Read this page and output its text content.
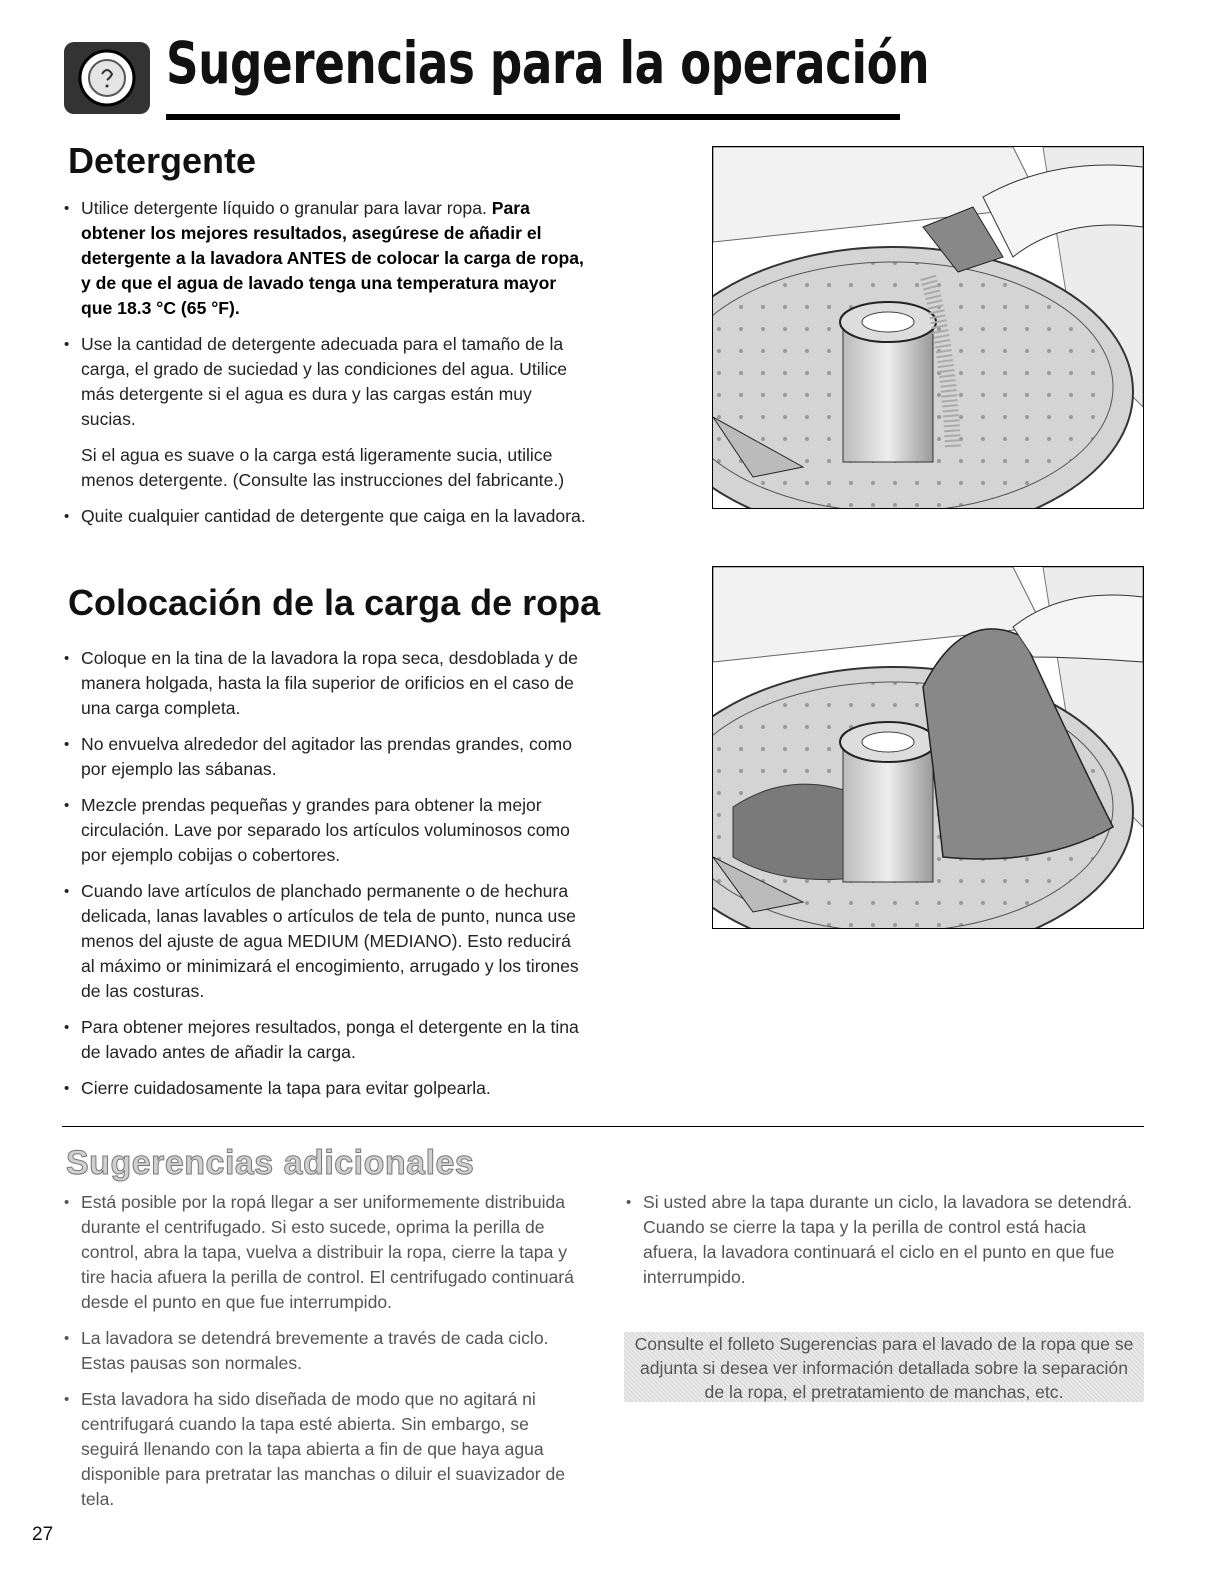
Sugerencias para la operación
Detergente
• Utilice detergente líquido o granular para lavar ropa. Para obtener los mejores resultados, asegúrese de añadir el detergente a la lavadora ANTES de colocar la carga de ropa, y de que el agua de lavado tenga una temperatura mayor que 18.3 °C (65 °F).
• Use la cantidad de detergente adecuada para el tamaño de la carga, el grado de suciedad y las condiciones del agua. Utilice más detergente si el agua es dura y las cargas están muy sucias.

Si el agua es suave o la carga está ligeramente sucia, utilice menos detergente. (Consulte las instrucciones del fabricante.)

• Quite cualquier cantidad de detergente que caiga en la lavadora.
Colocación de la carga de ropa
• Coloque en la tina de la lavadora la ropa seca, desdoblada y de manera holgada, hasta la fila superior de orificios en el caso de una carga completa.
• No envuelva alrededor del agitador las prendas grandes, como por ejemplo las sábanas.
• Mezcle prendas pequeñas y grandes para obtener la mejor circulación. Lave por separado los artículos voluminosos como por ejemplo cobijas o cobertores.
• Cuando lave artículos de planchado permanente o de hechura delicada, lanas lavables o artículos de tela de punto, nunca use menos del ajuste de agua MEDIUM (MEDIANO). Esto reducirá al máximo or minimizará el encogimiento, arrugado y los tirones de las costuras.
• Para obtener mejores resultados, ponga el detergente en la tina de lavado antes de añadir la carga.
• Cierre cuidadosamente la tapa para evitar golpearla.
Sugerencias adicionales
• Está posible por la ropá llegar a ser uniformemente distribuida durante el centrifugado. Si esto sucede, oprima la perilla de control, abra la tapa, vuelva a distribuir la ropa, cierre la tapa y tire hacia afuera la perilla de control. El centrifugado continuará desde el punto en que fue interrumpido.
• La lavadora se detendrá brevemente a través de cada ciclo. Estas pausas son normales.
• Esta lavadora ha sido diseñada de modo que no agitará ni centrifugará cuando la tapa esté abierta. Sin embargo, se seguirá llenando con la tapa abierta a fin de que haya agua disponible para pretratar las manchas o diluir el suavizador de tela.
• Si usted abre la tapa durante un ciclo, la lavadora se detendrá. Cuando se cierre la tapa y la perilla de control está hacia afuera, la lavadora continuará el ciclo en el punto en que fue interrumpido.
Consulte el folleto Sugerencias para el lavado de la ropa que se adjunta si desea ver información detallada sobre la separación de la ropa, el pretratamiento de manchas, etc.
27
